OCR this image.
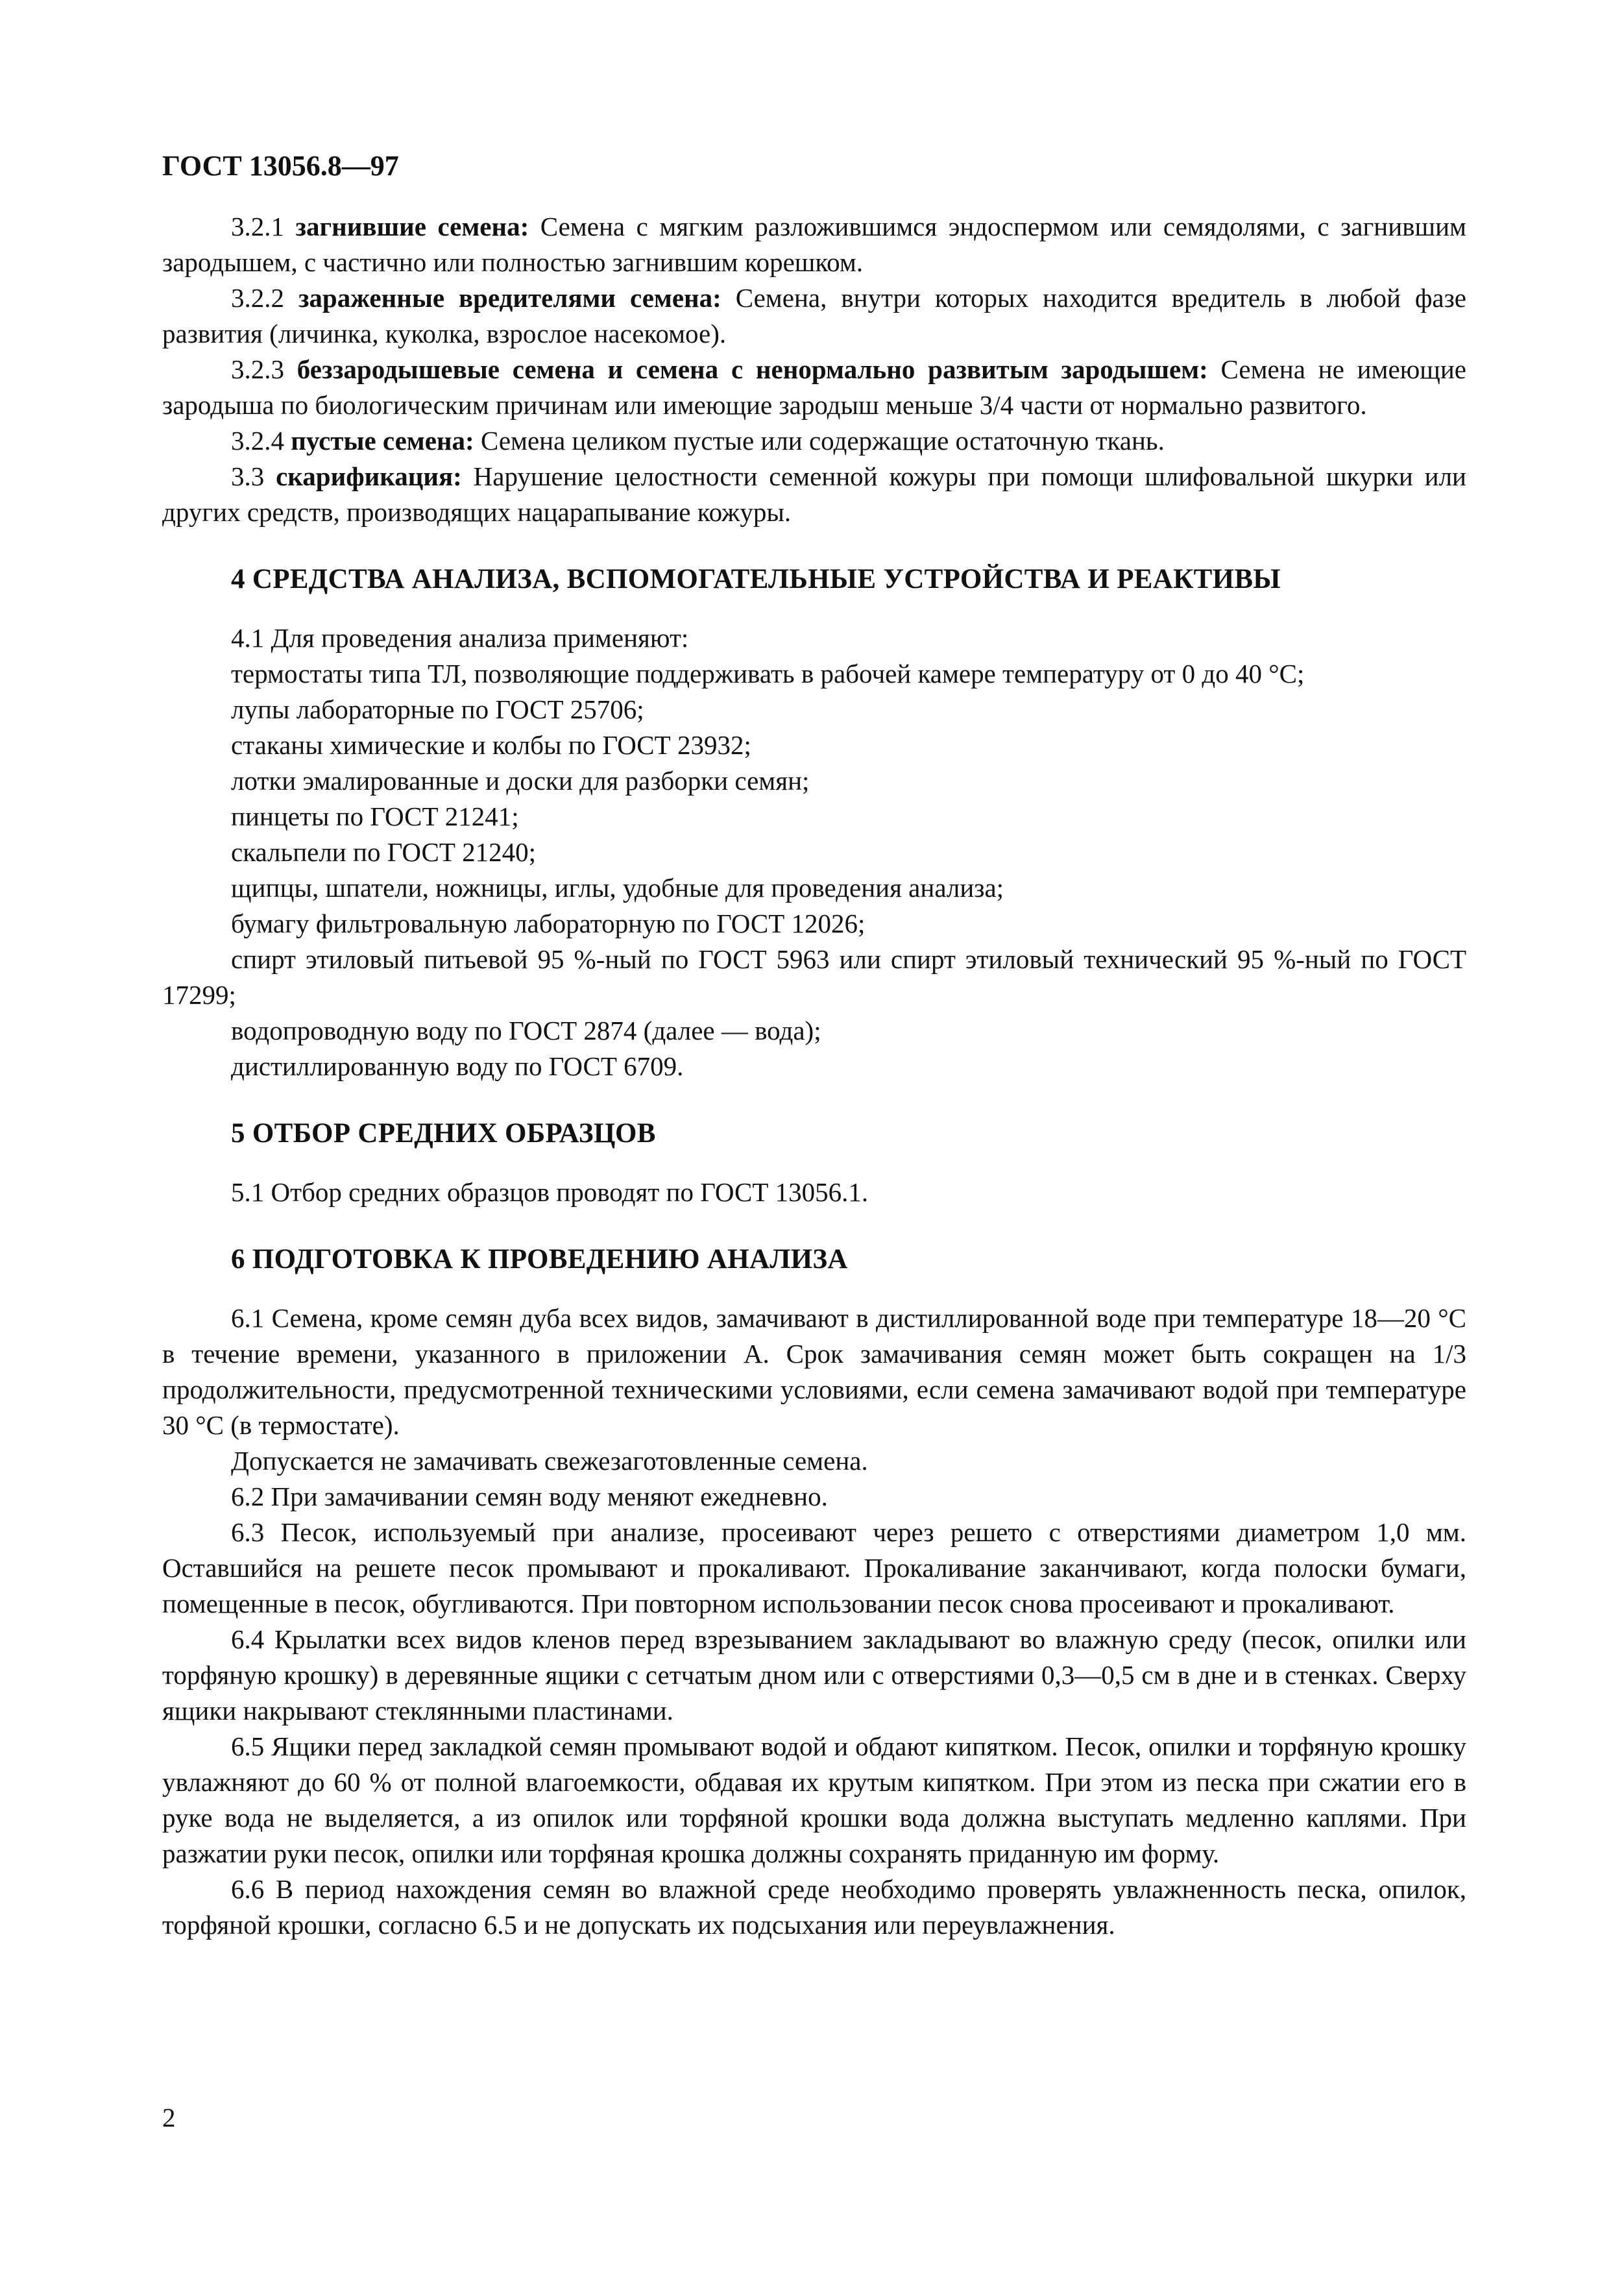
ГОСТ 13056.8—97

3.2.1 загнившие семена: Семена с мягким разложившимся эндоспермом или семядолями, с загнившим зародышем, с частично или полностью загнившим корешком.

3.2.2 зараженные вредителями семена: Семена, внутри которых находится вредитель в любой фазе развития (личинка, куколка, взрослое насекомое).

3.2.3 беззародышевые семена и семена с ненормально развитым зародышем: Семена не имеющие зародыша по биологическим причинам или имеющие зародыш меньше 3/4 части от нормально развитого.

3.2.4 пустые семена: Семена целиком пустые или содержащие остаточную ткань.

3.3 скарификация: Нарушение целостности семенной кожуры при помощи шлифовальной шкурки или других средств, производящих нацарапывание кожуры.

4 СРЕДСТВА АНАЛИЗА, ВСПОМОГАТЕЛЬНЫЕ УСТРОЙСТВА И РЕАКТИВЫ

4.1 Для проведения анализа применяют:

термостаты типа ТЛ, позволяющие поддерживать в рабочей камере температуру от 0 до 40 °С;

лупы лабораторные по ГОСТ 25706;

стаканы химические и колбы по ГОСТ 23932;

лотки эмалированные и доски для разборки семян;

пинцеты по ГОСТ 21241;

скальпели по ГОСТ 21240;

щипцы, шпатели, ножницы, иглы, удобные для проведения анализа;

бумагу фильтровальную лабораторную по ГОСТ 12026;

спирт этиловый питьевой 95 %-ный по ГОСТ 5963 или спирт этиловый технический 95 %-ный по ГОСТ 17299;

водопроводную воду по ГОСТ 2874 (далее — вода);

дистиллированную воду по ГОСТ 6709.

5 ОТБОР СРЕДНИХ ОБРАЗЦОВ

5.1 Отбор средних образцов проводят по ГОСТ 13056.1.

6 ПОДГОТОВКА К ПРОВЕДЕНИЮ АНАЛИЗА

6.1 Семена, кроме семян дуба всех видов, замачивают в дистиллированной воде при температуре 18—20 °С в течение времени, указанного в приложении А. Срок замачивания семян может быть сокращен на 1/3 продолжительности, предусмотренной техническими условиями, если семена замачивают водой при температуре 30 °С (в термостате).

Допускается не замачивать свежезаготовленные семена.

6.2 При замачивании семян воду меняют ежедневно.

6.3 Песок, используемый при анализе, просеивают через решето с отверстиями диаметром 1,0 мм. Оставшийся на решете песок промывают и прокаливают. Прокаливание заканчивают, когда полоски бумаги, помещенные в песок, обугливаются. При повторном использовании песок снова просеивают и прокаливают.

6.4 Крылатки всех видов кленов перед взрезыванием закладывают во влажную среду (песок, опилки или торфяную крошку) в деревянные ящики с сетчатым дном или с отверстиями 0,3—0,5 см в дне и в стенках. Сверху ящики накрывают стеклянными пластинами.

6.5 Ящики перед закладкой семян промывают водой и обдают кипятком. Песок, опилки и торфяную крошку увлажняют до 60 % от полной влагоемкости, обдавая их крутым кипятком. При этом из песка при сжатии его в руке вода не выделяется, а из опилок или торфяной крошки вода должна выступать медленно каплями. При разжатии руки песок, опилки или торфяная крошка должны сохранять приданную им форму.

6.6 В период нахождения семян во влажной среде необходимо проверять увлажненность песка, опилок, торфяной крошки, согласно 6.5 и не допускать их подсыхания или переувлажнения.

2
